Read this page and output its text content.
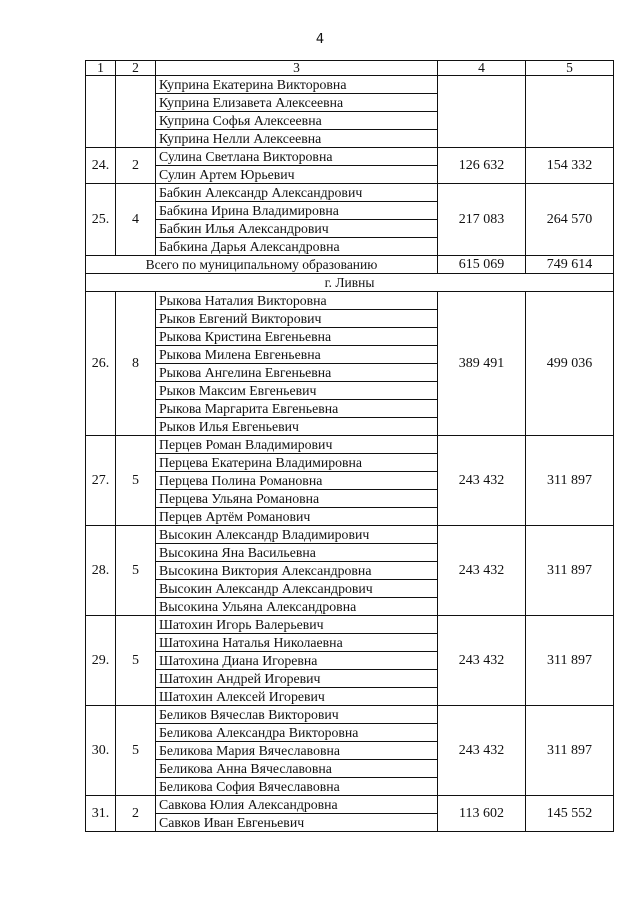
4
1	2	3	4	5
		Куприна Екатерина Викторовна		
		Куприна Елизавета Алексеевна		
		Куприна Софья Алексеевна		
		Куприна Нелли Алексеевна		
24.	2	Сулина Светлана Викторовна	126 632	154 332
		Сулин Артем Юрьевич		
25.	4	Бабкин Александр Александрович	217 083	264 570
		Бабкина Ирина Владимировна		
		Бабкин Илья Александрович		
		Бабкина Дарья Александровна		
Всего по муниципальному образованию			615 069	749 614
г. Ливны				
26.	8	Рыкова Наталия Викторовна	389 491	499 036
		Рыков Евгений Викторович		
		Рыкова Кристина Евгеньевна		
		Рыкова Милена Евгеньевна		
		Рыкова Ангелина Евгеньевна		
		Рыков Максим Евгеньевич		
		Рыкова Маргарита Евгеньевна		
		Рыков Илья Евгеньевич		
27.	5	Перцев Роман Владимирович	243 432	311 897
		Перцева Екатерина Владимировна		
		Перцева Полина Романовна		
		Перцева Ульяна Романовна		
		Перцев Артём Романович		
28.	5	Высокин Александр Владимирович	243 432	311 897
		Высокина Яна Васильевна		
		Высокина Виктория Александровна		
		Высокин Александр Александрович		
		Высокина Ульяна Александровна		
29.	5	Шатохин Игорь Валерьевич	243 432	311 897
		Шатохина Наталья Николаевна		
		Шатохина Диана Игоревна		
		Шатохин Андрей Игоревич		
		Шатохин Алексей Игоревич		
30.	5	Беликов Вячеслав Викторович	243 432	311 897
		Беликова Александра Викторовна		
		Беликова Мария Вячеславовна		
		Беликова Анна Вячеславовна		
		Беликова София Вячеславовна		
31.	2	Савкова Юлия Александровна	113 602	145 552
		Савков Иван Евгеньевич		
